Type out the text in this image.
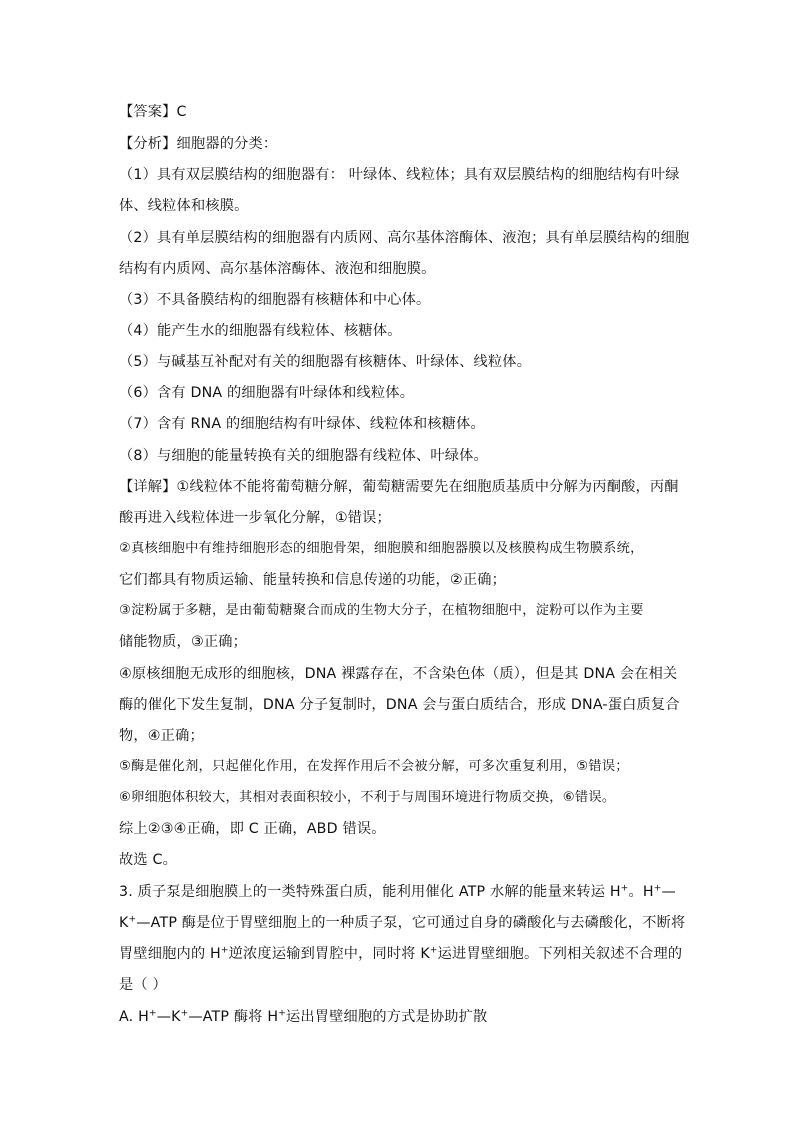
【答案】C
【分析】细胞器的分类：
（1）具有双层膜结构的细胞器有： 叶绿体、线粒体；具有双层膜结构的细胞结构有叶绿
体、线粒体和核膜。
（2）具有单层膜结构的细胞器有内质网、高尔基体溶酶体、液泡；具有单层膜结构的细胞
结构有内质网、高尔基体溶酶体、液泡和细胞膜。
（3）不具备膜结构的细胞器有核糖体和中心体。
（4）能产生水的细胞器有线粒体、核糖体。
（5）与碱基互补配对有关的细胞器有核糖体、叶绿体、线粒体。
（6）含有 DNA 的细胞器有叶绿体和线粒体。
（7）含有 RNA 的细胞结构有叶绿体、线粒体和核糖体。
（8）与细胞的能量转换有关的细胞器有线粒体、叶绿体。
【详解】①线粒体不能将葡萄糖分解，葡萄糖需要先在细胞质基质中分解为丙酮酸，丙酮
酸再进入线粒体进一步氧化分解，①错误；
②真核细胞中有维持细胞形态的细胞骨架，细胞膜和细胞器膜以及核膜构成生物膜系统，
它们都具有物质运输、能量转换和信息传递的功能，②正确；
③淀粉属于多糖，是由葡萄糖聚合而成的生物大分子，在植物细胞中，淀粉可以作为主要
储能物质，③正确；
④原核细胞无成形的细胞核，DNA 裸露存在，不含染色体（质），但是其 DNA 会在相关
酶的催化下发生复制，DNA 分子复制时，DNA 会与蛋白质结合，形成 DNA-蛋白质复合
物，④正确；
⑤酶是催化剂，只起催化作用，在发挥作用后不会被分解，可多次重复利用，⑤错误；
⑥卵细胞体积较大，其相对表面积较小，不利于与周围环境进行物质交换，⑥错误。
综上②③④正确，即 C 正确，ABD 错误。
故选 C。
3. 质子泵是细胞膜上的一类特殊蛋白质，能利用催化 ATP 水解的能量来转运 H+。H+—
K+—ATP 酶是位于胃壁细胞上的一种质子泵，它可通过自身的磷酸化与去磷酸化，不断将
胃壁细胞内的 H+逆浓度运输到胃腔中，同时将 K+运进胃壁细胞。下列相关叙述不合理的
是（ ）
A. H+—K+—ATP 酶将 H+运出胃壁细胞的方式是协助扩散
